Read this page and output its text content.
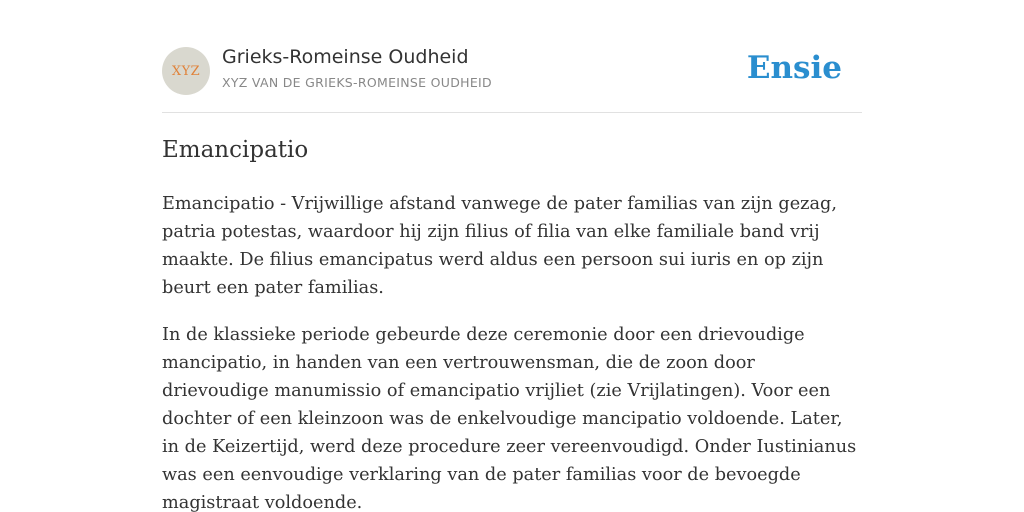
XYZ
Grieks-Romeinse Oudheid
XYZ VAN DE GRIEKS-ROMEINSE OUDHEID	Ensie
Emancipatio

Emancipatio - Vrijwillige afstand vanwege de pater familias van zijn gezag, patria potestas, waardoor hij zijn filius of filia van elke familiale band vrij maakte. De filius emancipatus werd aldus een persoon sui iuris en op zijn beurt een pater familias.

In de klassieke periode gebeurde deze ceremonie door een drievoudige mancipatio, in handen van een vertrouwensman, die de zoon door drievoudige manumissio of emancipatio vrijliet (zie Vrijlatingen). Voor een dochter of een kleinzoon was de enkelvoudige mancipatio voldoende. Later, in de Keizertijd, werd deze procedure zeer vereenvoudigd. Onder Iustinianus was een eenvoudige verklaring van de pater familias voor de bevoegde magistraat voldoende.
